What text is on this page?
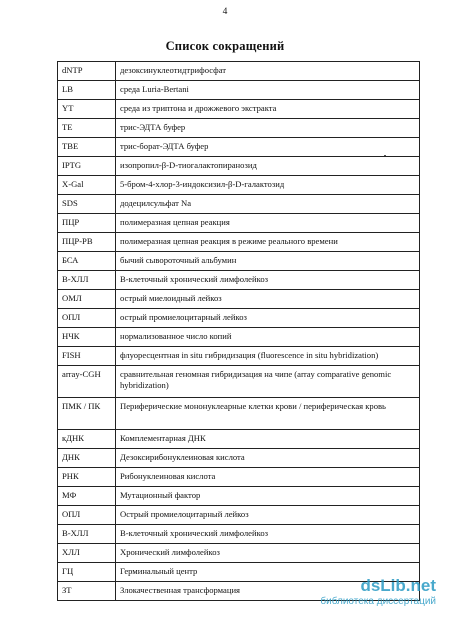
4
Список сокращений
dNTP	дезоксинуклеотидтрифосфат
LB	среда Luria-Bertani
YT	среда из триптона и дрожжевого экстракта
TE	трис-ЭДТА буфер
TBE	трис-борат-ЭДТА буфер
IPTG	изопропил-β-D-тиогалактопиранозид
X-Gal	5-бром-4-хлор-3-индоксизил-β-D-галактозид
SDS	додецилсульфат Na
ПЦР	полимеразная цепная реакция
ПЦР-РВ	полимеразная цепная реакция в режиме реального времени
БСА	бычий сывороточный альбумин
В-ХЛЛ	В-клеточный хронический лимфолейкоз
ОМЛ	острый миелоидный лейкоз
ОПЛ	острый промиелоцитарный лейкоз
НЧК	нормализованное число копий
FISH	флуоресцентная in situ гибридизация (fluorescence in situ hybridization)
array-CGH	сравнительная геномная гибридизация на чипе (array comparative genomic hybridization)
ПМК / ПК	Периферические мононуклеарные клетки крови / периферическая кровь
кДНК	Комплементарная ДНК
ДНК	Дезоксирибонуклеиновая кислота
РНК	Рибонуклеиновая кислота
МФ	Мутационный фактор
ОПЛ	Острый промиелоцитарный лейкоз
В-ХЛЛ	В-клеточный хронический лимфолейкоз
ХЛЛ	Хронический лимфолейкоз
ГЦ	Герминальный центр
ЗТ	Злокачественная трансформация	dsLib.net
библиотека диссертаций
